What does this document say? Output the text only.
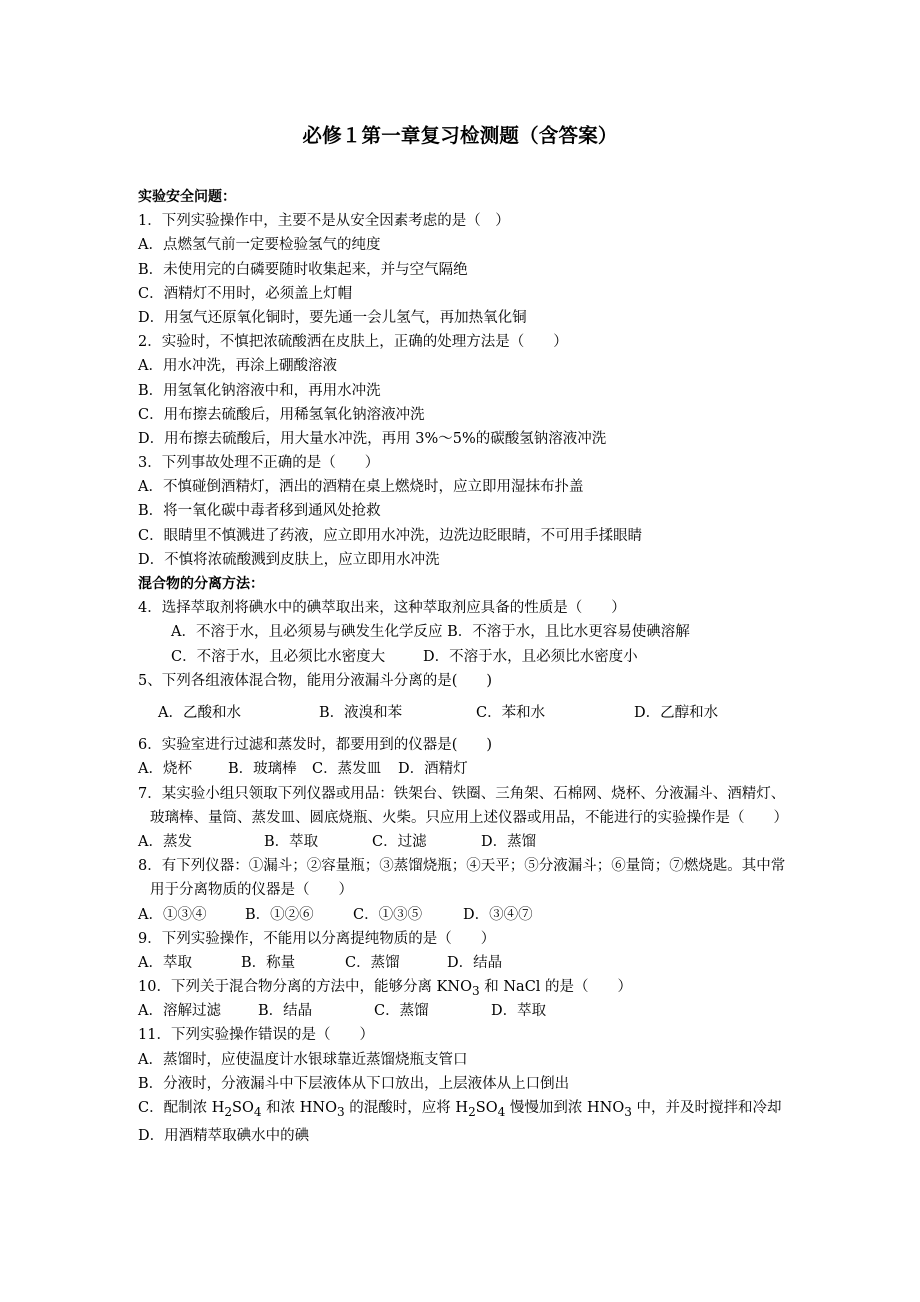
必修１第一章复习检测题（含答案）
实验安全问题：
1．下列实验操作中，主要不是从安全因素考虑的是（　）
A．点燃氢气前一定要检验氢气的纯度
B．未使用完的白磷要随时收集起来，并与空气隔绝
C．酒精灯不用时，必须盖上灯帽
D．用氢气还原氧化铜时，要先通一会儿氢气，再加热氧化铜
2．实验时，不慎把浓硫酸洒在皮肤上，正确的处理方法是（　　）
A．用水冲洗，再涂上硼酸溶液
B．用氢氧化钠溶液中和，再用水冲洗
C．用布擦去硫酸后，用稀氢氧化钠溶液冲洗
D．用布擦去硫酸后，用大量水冲洗，再用 3%～5%的碳酸氢钠溶液冲洗
3．下列事故处理不正确的是（　　）
A．不慎碰倒酒精灯，洒出的酒精在桌上燃烧时，应立即用湿抹布扑盖
B．将一氧化碳中毒者移到通风处抢救
C．眼睛里不慎溅进了药液，应立即用水冲洗，边洗边眨眼睛，不可用手揉眼睛
D．不慎将浓硫酸溅到皮肤上，应立即用水冲洗
混合物的分离方法：
4．选择萃取剂将碘水中的碘萃取出来，这种萃取剂应具备的性质是（　　）
A．不溶于水，且必须易与碘发生化学反应 B．不溶于水，且比水更容易使碘溶解
C．不溶于水，且必须比水密度大	D．不溶于水，且必须比水密度小
5、下列各组液体混合物，能用分液漏斗分离的是(　　)
A．乙酸和水	B．液溴和苯	C．苯和水	D．乙醇和水
6．实验室进行过滤和蒸发时，都要用到的仪器是(　　)
A．烧杯 B．玻璃棒 C．蒸发皿 D．酒精灯
7．某实验小组只领取下列仪器或用品：铁架台、铁圈、三角架、石棉网、烧杯、分液漏斗、酒精灯、玻璃棒、量筒、蒸发皿、圆底烧瓶、火柴。只应用上述仪器或用品，不能进行的实验操作是（　　）
A．蒸发	B．萃取	C．过滤	D．蒸馏
8．有下列仪器：①漏斗；②容量瓶；③蒸馏烧瓶；④天平；⑤分液漏斗；⑥量筒；⑦燃烧匙。其中常用于分离物质的仪器是（　　）
A．①③④	B．①②⑥	C．①③⑤	D．③④⑦
9．下列实验操作，不能用以分离提纯物质的是（　　）
A．萃取	B．称量	C．蒸馏	D．结晶
10．下列关于混合物分离的方法中，能够分离 $KNO_3$ 和 NaCl 的是（　　）
A．溶解过滤	B．结晶	C．蒸馏	D．萃取
11．下列实验操作错误的是（　　）
A．蒸馏时，应使温度计水银球靠近蒸馏烧瓶支管口
B．分液时，分液漏斗中下层液体从下口放出，上层液体从上口倒出
C．配制浓 $H_2SO_4$ 和浓 $HNO_3$ 的混酸时，应将 $H_2SO_4$ 慢慢加到浓 $HNO_3$ 中，并及时搅拌和冷却
D．用酒精萃取碘水中的碘
